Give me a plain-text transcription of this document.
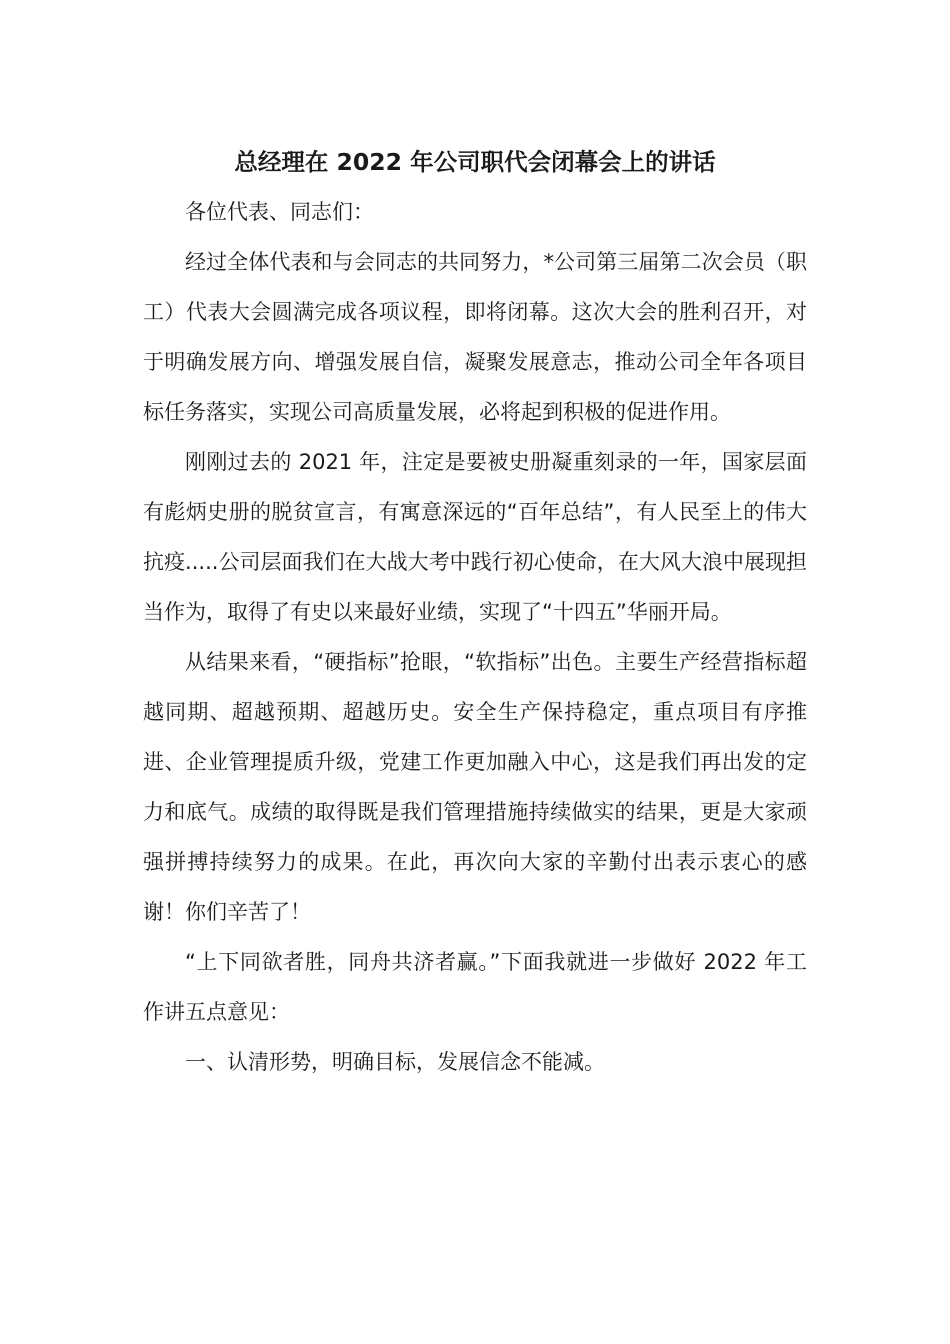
总经理在 2022 年公司职代会闭幕会上的讲话

各位代表、同志们：

经过全体代表和与会同志的共同努力，*公司第三届第二次会员（职工）代表大会圆满完成各项议程，即将闭幕。这次大会的胜利召开，对于明确发展方向、增强发展自信，凝聚发展意志，推动公司全年各项目标任务落实，实现公司高质量发展，必将起到积极的促进作用。

刚刚过去的 2021 年，注定是要被史册凝重刻录的一年，国家层面有彪炳史册的脱贫宣言，有寓意深远的“百年总结”，有人民至上的伟大抗疫.....公司层面我们在大战大考中践行初心使命，在大风大浪中展现担当作为，取得了有史以来最好业绩，实现了“十四五”华丽开局。

从结果来看，“硬指标”抢眼，“软指标”出色。主要生产经营指标超越同期、超越预期、超越历史。安全生产保持稳定，重点项目有序推进、企业管理提质升级，党建工作更加融入中心，这是我们再出发的定力和底气。成绩的取得既是我们管理措施持续做实的结果，更是大家顽强拼搏持续努力的成果。在此，再次向大家的辛勤付出表示衷心的感谢！你们辛苦了！

“上下同欲者胜，同舟共济者赢。”下面我就进一步做好 2022 年工作讲五点意见：

一、认清形势，明确目标，发展信念不能减。
